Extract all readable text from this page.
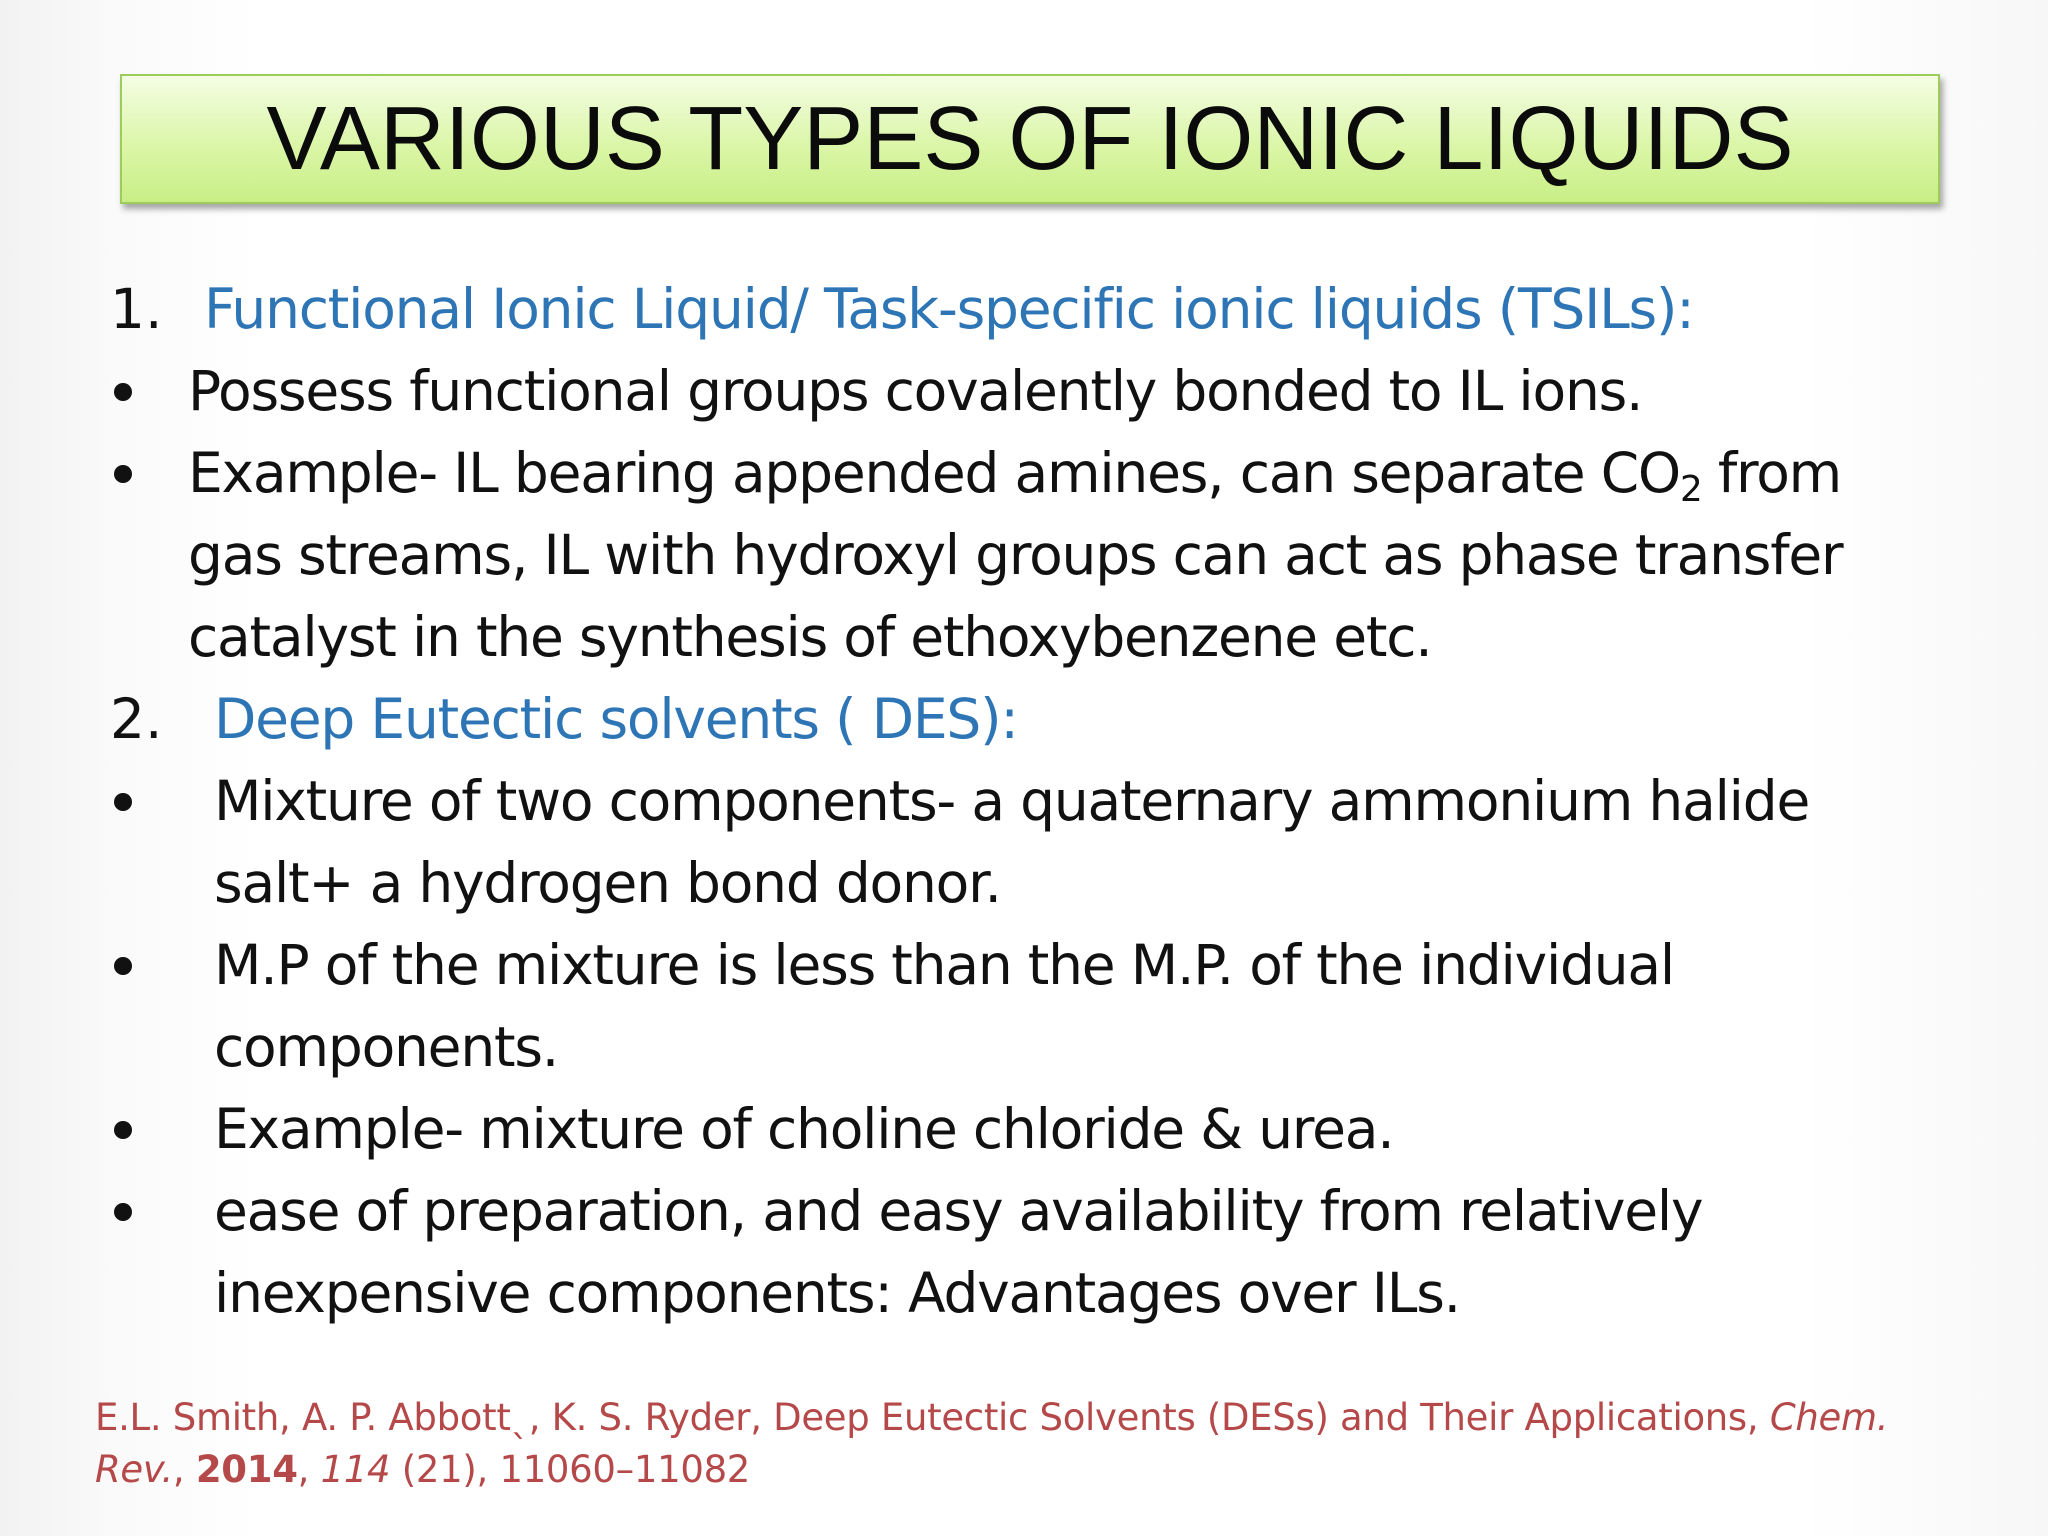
VARIOUS TYPES OF IONIC LIQUIDS
1. Functional Ionic Liquid/ Task-specific ionic liquids (TSILs):
Possess functional groups covalently bonded to IL ions.
Example- IL bearing appended amines, can separate $CO_2$ from
gas streams, IL with hydroxyl groups can act as phase transfer
catalyst in the synthesis of ethoxybenzene etc.
2. Deep Eutectic solvents ( DES):
Mixture of two components- a quaternary ammonium halide
salt+ a hydrogen bond donor.
M.P of the mixture is less than the M.P. of the individual
components.
Example- mixture of choline chloride & urea.
ease of preparation, and easy availability from relatively
inexpensive components: Advantages over ILs.
E.L. Smith, A. P. Abbottˎ, K. S. Ryder, Deep Eutectic Solvents (DESs) and Their Applications, Chem.
Rev., 2014, 114 (21), 11060–11082
